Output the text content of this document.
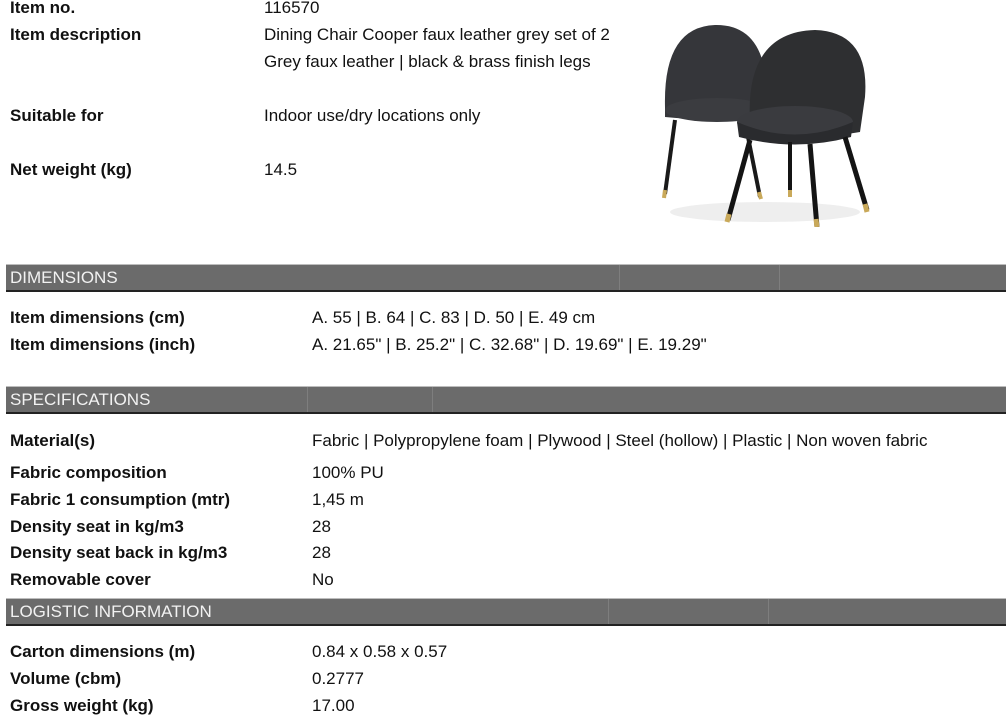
Item no.	116570
Item description	Dining Chair Cooper faux leather grey set of 2
Grey faux leather | black & brass finish legs
Suitable for	Indoor use/dry locations only
Net weight (kg)	14.5
DIMENSIONS
Item dimensions (cm)	A. 55 | B. 64 | C. 83 | D. 50 | E. 49 cm
Item dimensions (inch)	A. 21.65" | B. 25.2" | C. 32.68" | D. 19.69" | E. 19.29"
SPECIFICATIONS
Material(s)	Fabric | Polypropylene foam | Plywood | Steel (hollow) | Plastic | Non woven fabric
Fabric composition	100% PU
Fabric 1 consumption (mtr)	1,45 m
Density seat in kg/m3	28
Density seat back in kg/m3	28
Removable cover	No
LOGISTIC INFORMATION
Carton dimensions (m)	0.84 x 0.58 x 0.57
Volume (cbm)	0.2777
Gross weight (kg)	17.00
